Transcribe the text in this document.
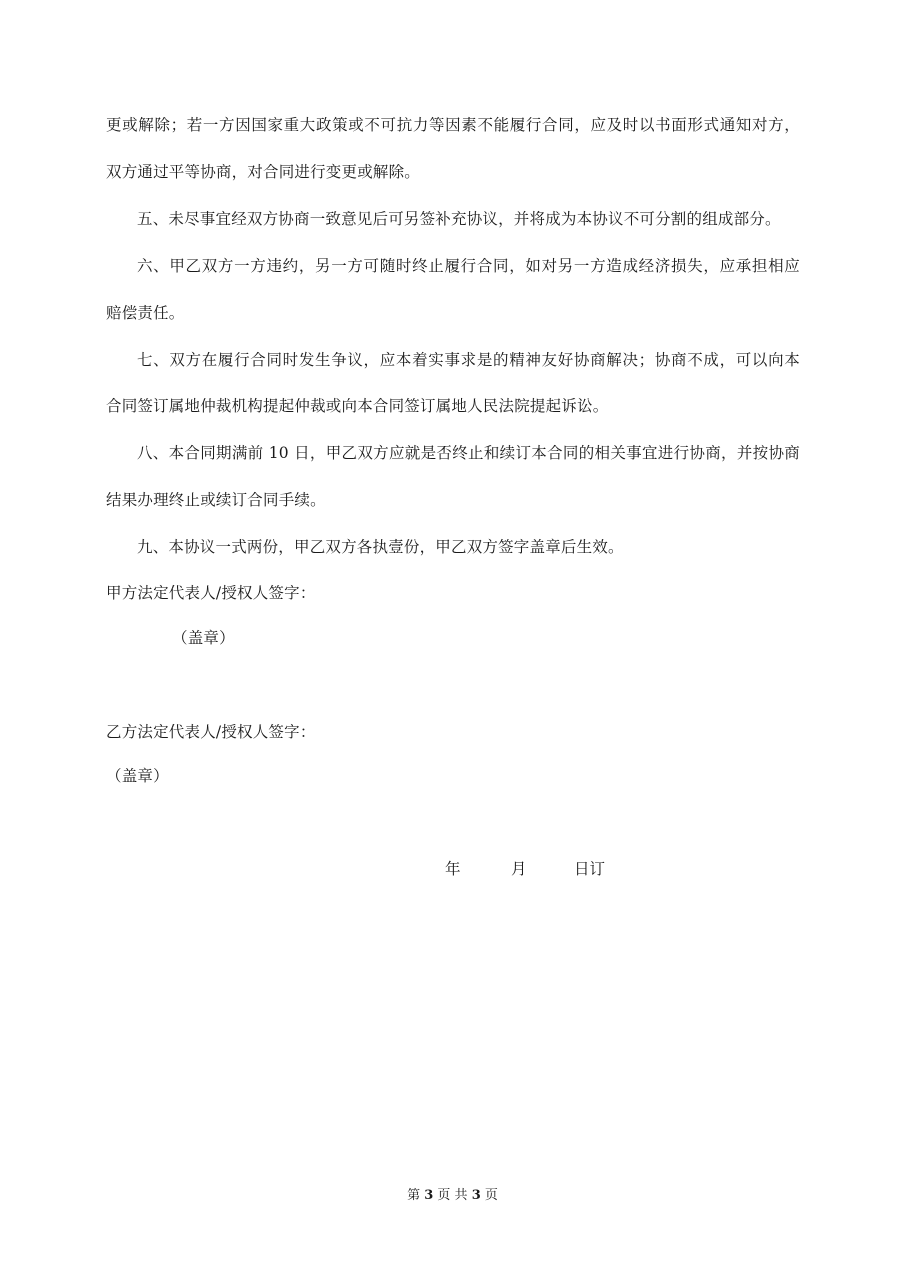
更或解除；若一方因国家重大政策或不可抗力等因素不能履行合同，应及时以书面形式通知对方，
双方通过平等协商，对合同进行变更或解除。
五、未尽事宜经双方协商一致意见后可另签补充协议，并将成为本协议不可分割的组成部分。
六、甲乙双方一方违约，另一方可随时终止履行合同，如对另一方造成经济损失，应承担相应
赔偿责任。
七、双方在履行合同时发生争议，应本着实事求是的精神友好协商解决；协商不成，可以向本
合同签订属地仲裁机构提起仲裁或向本合同签订属地人民法院提起诉讼。
八、本合同期满前 10 日，甲乙双方应就是否终止和续订本合同的相关事宜进行协商，并按协商
结果办理终止或续订合同手续。
九、本协议一式两份，甲乙双方各执壹份，甲乙双方签字盖章后生效。
甲方法定代表人/授权人签字：
（盖章）
乙方法定代表人/授权人签字：
（盖章）
年	月	日订
第 3 页 共 3 页
